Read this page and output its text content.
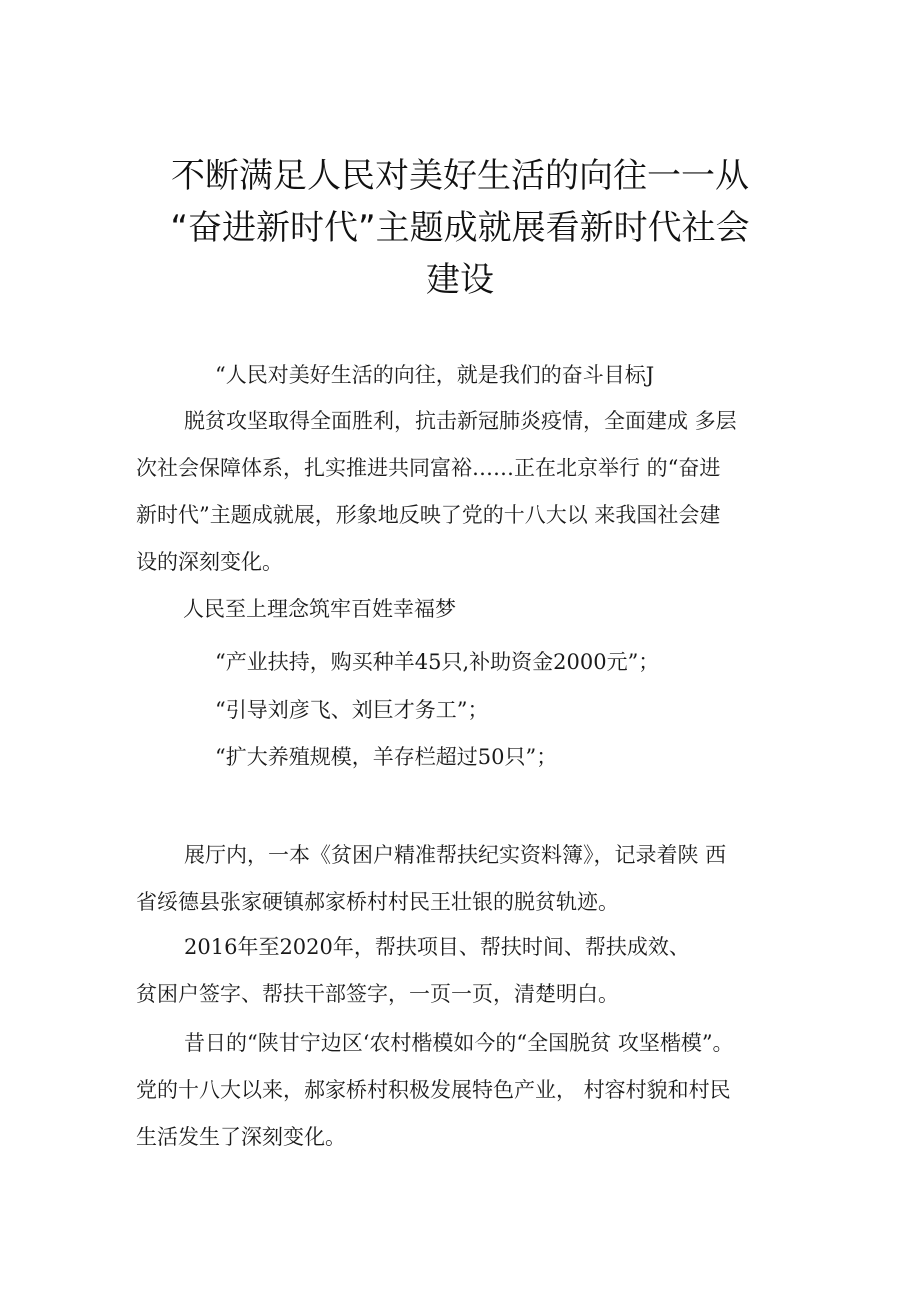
不断满足人民对美好生活的向往一一从
“奋进新时代”主题成就展看新时代社会
建设

“人民对美好生活的向往，就是我们的奋斗目标J

脱贫攻坚取得全面胜利，抗击新冠肺炎疫情，全面建成 多层
次社会保障体系，扎实推进共同富裕……正在北京举行 的“奋进
新时代”主题成就展，形象地反映了党的十八大以 来我国社会建
设的深刻变化。

人民至上理念筑牢百姓幸福梦

“产业扶持，购买种羊45只,补助资金2000元”；

“引导刘彦飞、刘巨才务工”；

“扩大养殖规模，羊存栏超过50只”；

展厅内，一本《贫困户精准帮扶纪实资料簿》，记录着陕 西
省绥德县张家硬镇郝家桥村村民王壮银的脱贫轨迹。

2016年至2020年，帮扶项目、帮扶时间、帮扶成效、
贫困户签字、帮扶干部签字，一页一页，清楚明白。

昔日的“陕甘宁边区‘农村楷模如今的“全国脱贫 攻坚楷模”。
党的十八大以来，郝家桥村积极发展特色产业， 村容村貌和村民
生活发生了深刻变化。
